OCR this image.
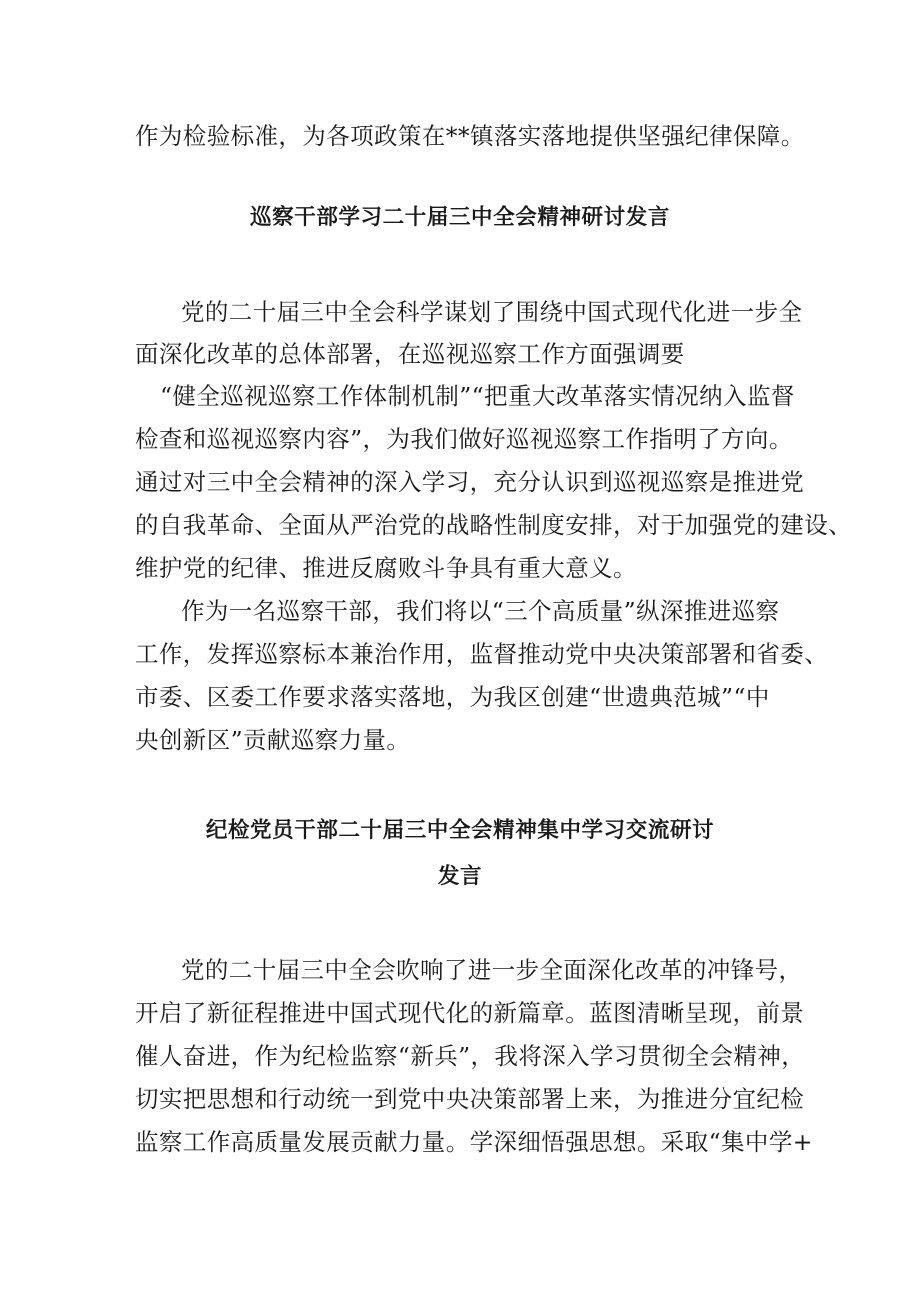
作为检验标准，为各项政策在**镇落实落地提供坚强纪律保障。
巡察干部学习二十届三中全会精神研讨发言
党的二十届三中全会科学谋划了围绕中国式现代化进一步全
面深化改革的总体部署，在巡视巡察工作方面强调要
“健全巡视巡察工作体制机制”“把重大改革落实情况纳入监督
检查和巡视巡察内容”，为我们做好巡视巡察工作指明了方向。
通过对三中全会精神的深入学习，充分认识到巡视巡察是推进党
的自我革命、全面从严治党的战略性制度安排，对于加强党的建设、
维护党的纪律、推进反腐败斗争具有重大意义。
作为一名巡察干部，我们将以“三个高质量”纵深推进巡察
工作，发挥巡察标本兼治作用，监督推动党中央决策部署和省委、
市委、区委工作要求落实落地，为我区创建“世遗典范城”“中
央创新区”贡献巡察力量。
纪检党员干部二十届三中全会精神集中学习交流研讨
发言
党的二十届三中全会吹响了进一步全面深化改革的冲锋号，
开启了新征程推进中国式现代化的新篇章。蓝图清晰呈现，前景
催人奋进，作为纪检监察“新兵”，我将深入学习贯彻全会精神，
切实把思想和行动统一到党中央决策部署上来，为推进分宜纪检
监察工作高质量发展贡献力量。学深细悟强思想。采取“集中学+
